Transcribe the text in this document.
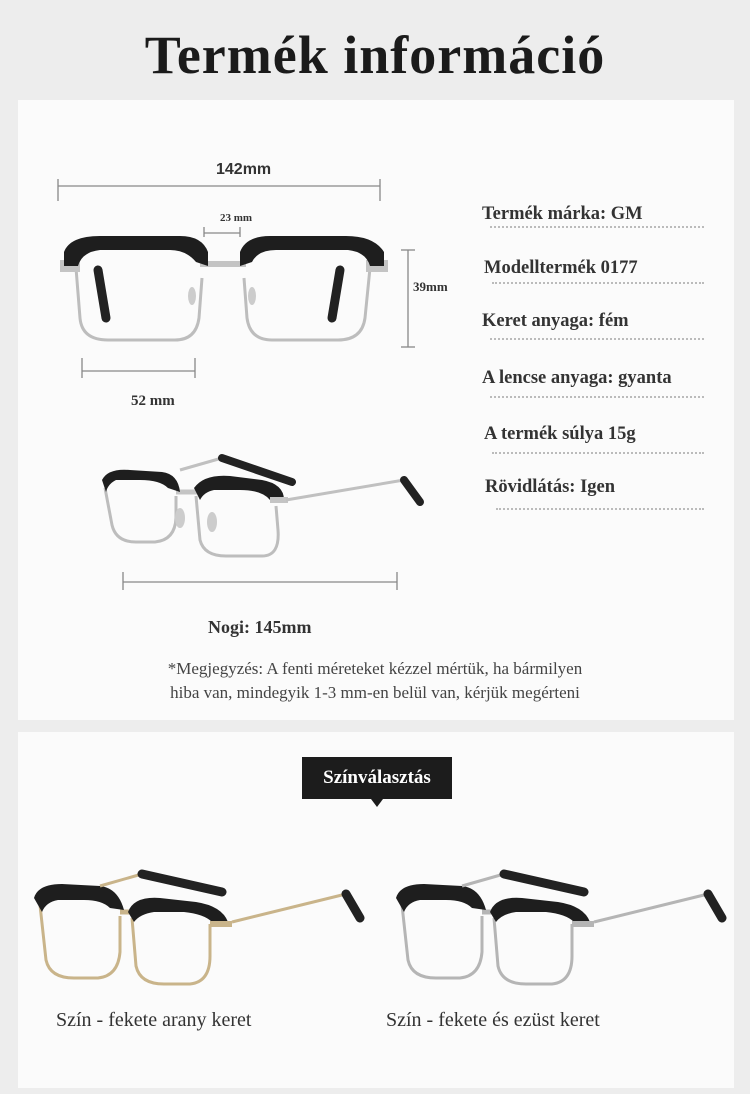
Termék információ
142mm
23 mm
39mm
52 mm
Nogi: 145mm
Termék márka: GM
Modelltermék 0177
Keret anyaga: fém
A lencse anyaga: gyanta
A termék súlya 15g
Rövidlátás: Igen
*Megjegyzés: A fenti méreteket kézzel mértük, ha bármilyen
hiba van, mindegyik 1-3 mm-en belül van, kérjük megérteni
Színválasztás
Szín - fekete arany keret	Szín - fekete és ezüst keret
